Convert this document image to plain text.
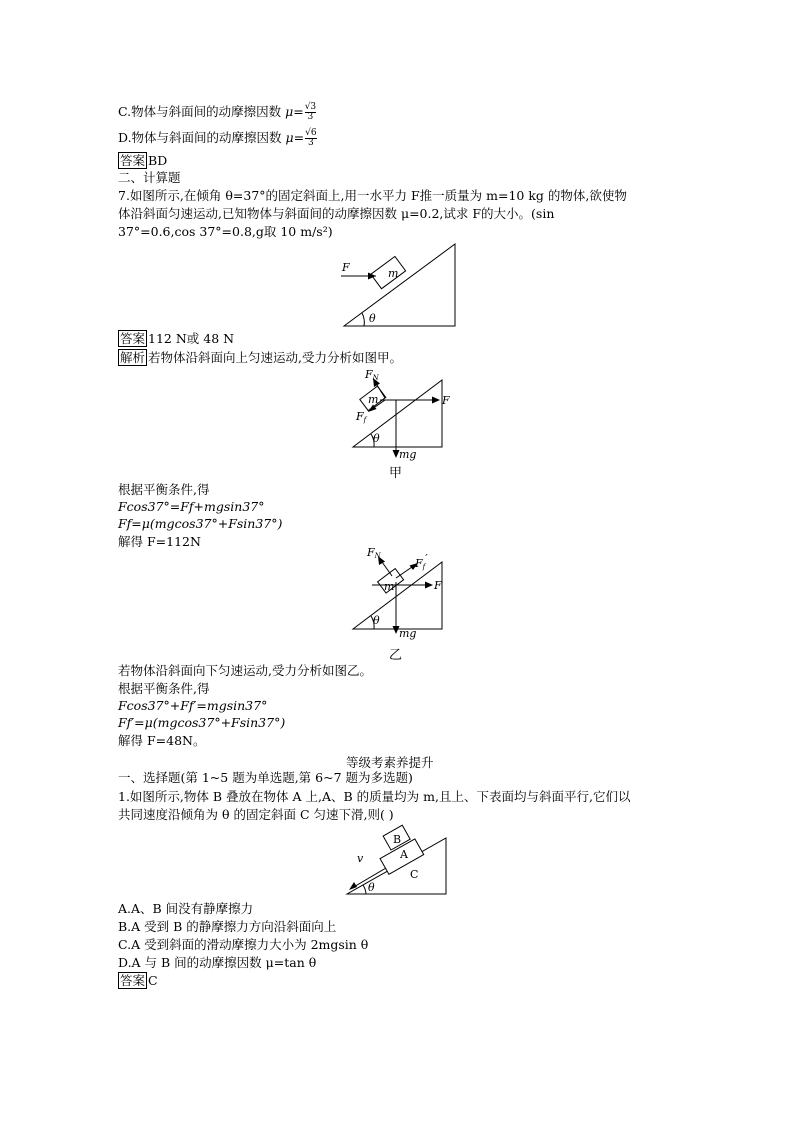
C.物体与斜面间的动摩擦因数 $\mu= \frac{√3}{3}$
D.物体与斜面间的动摩擦因数 $\mu= \frac{√6}{3}$
答案 BD
二、计算题
7.如图所示,在倾角 θ=37°的固定斜面上,用一水平力 F推一质量为 m=10 kg 的物体,欲使物
体沿斜面匀速运动,已知物体与斜面间的动摩擦因数 μ=0.2,试求 F的大小。(sin
37°=0.6,cos 37°=0.8,g取 10 m/s²)
F	m
θ
答案 112 N或 48 N
解析 若物体沿斜面向上匀速运动,受力分析如图甲。
FN
Ff
m	F
θ
mg
甲
根据平衡条件,得
Fcos37°=Ff+mgsin37°
Ff=μ(mgcos37°+Fsin37°)
解得 F=112N
FN
Ff′
m	F
θ
mg
乙
若物体沿斜面向下匀速运动,受力分析如图乙。
根据平衡条件,得
Fcos37°+Ff′=mgsin37°
Ff′=μ(mgcos37°+Fsin37°)
解得 F=48N。
等级考素养提升
一、选择题(第 1~5 题为单选题,第 6~7 题为多选题)
1.如图所示,物体 B 叠放在物体 A 上,A、B 的质量均为 m,且上、下表面均与斜面平行,它们以
共同速度沿倾角为 θ 的固定斜面 C 匀速下滑,则( )
B
A
C
v
θ
A.A、B 间没有静摩擦力
B.A 受到 B 的静摩擦力方向沿斜面向上
C.A 受到斜面的滑动摩擦力大小为 2mgsin θ
D.A 与 B 间的动摩擦因数 μ=tan θ
答案 C
